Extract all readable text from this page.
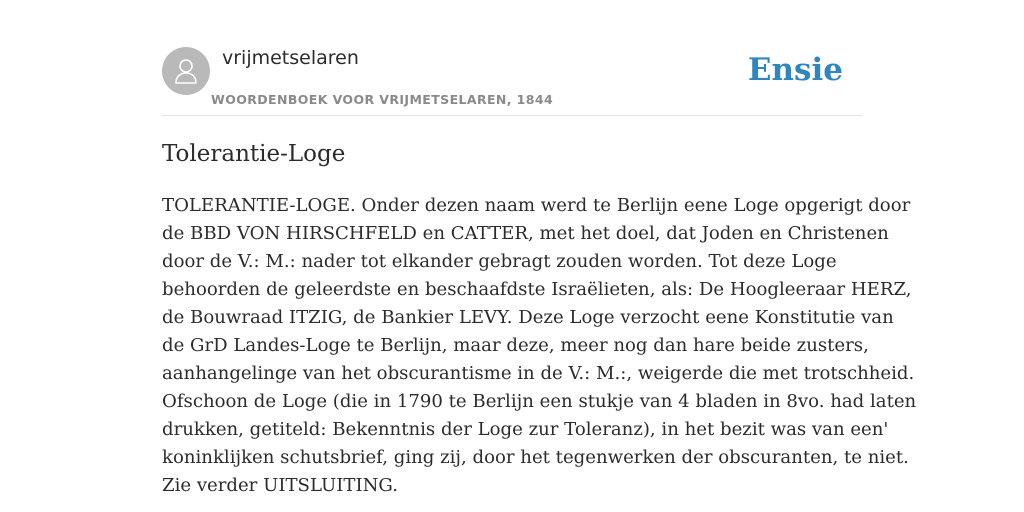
vrijmetselaren
WOORDENBOEK VOOR VRIJMETSELAREN, 1844
Ensie
Tolerantie-Loge

TOLERANTIE-LOGE. Onder dezen naam werd te Berlijn eene Loge opgerigt door
de BBD VON HIRSCHFELD en CATTER, met het doel, dat Joden en Christenen
door de V.: M.: nader tot elkander gebragt zouden worden. Tot deze Loge
behoorden de geleerdste en beschaafdste Israëlieten, als: De Hoogleeraar HERZ,
de Bouwraad ITZIG, de Bankier LEVY. Deze Loge verzocht eene Konstitutie van
de GrD Landes-Loge te Berlijn, maar deze, meer nog dan hare beide zusters,
aanhangelinge van het obscurantisme in de V.: M.:, weigerde die met trotschheid.
Ofschoon de Loge (die in 1790 te Berlijn een stukje van 4 bladen in 8vo. had laten
drukken, getiteld: Bekenntnis der Loge zur Toleranz), in het bezit was van een'
koninklijken schutsbrief, ging zij, door het tegenwerken der obscuranten, te niet.
Zie verder UITSLUITING.
